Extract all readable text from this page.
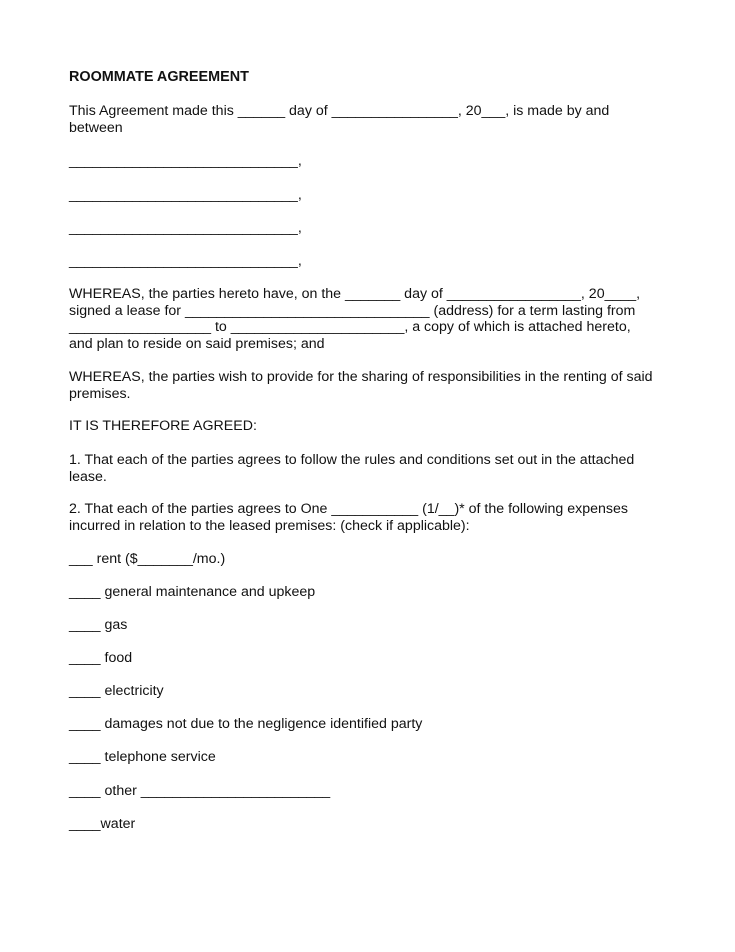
ROOMMATE AGREEMENT
This Agreement made this ______ day of ________________, 20___, is made by and
between
_____________________________,
_____________________________,
_____________________________,
_____________________________,
WHEREAS, the parties hereto have, on the _______ day of _________________, 20____,
signed a lease for _______________________________ (address) for a term lasting from
__________________ to ______________________, a copy of which is attached hereto,
and plan to reside on said premises; and
WHEREAS, the parties wish to provide for the sharing of responsibilities in the renting of said
premises.
IT IS THEREFORE AGREED:
1. That each of the parties agrees to follow the rules and conditions set out in the attached
lease.
2. That each of the parties agrees to One ___________ (1/__)* of the following expenses
incurred in relation to the leased premises: (check if applicable):
___ rent ($_______/mo.)
____ general maintenance and upkeep
____ gas
____ food
____ electricity
____ damages not due to the negligence identified party
____ telephone service
____ other ________________________
____water
